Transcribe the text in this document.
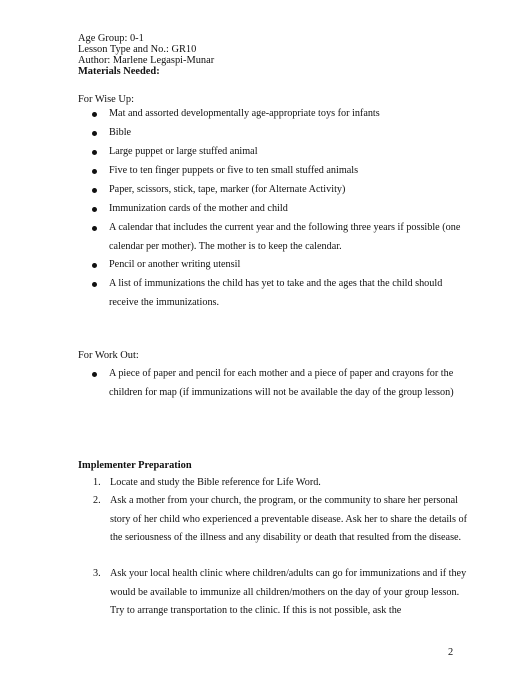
Age Group: 0-1
Lesson Type and No.: GR10
Author: Marlene Legaspi-Munar
Materials Needed:
For Wise Up:
Mat and assorted developmentally age-appropriate toys for infants
Bible
Large puppet or large stuffed animal
Five to ten finger puppets or five to ten small stuffed animals
Paper, scissors, stick, tape, marker (for Alternate Activity)
Immunization cards of the mother and child
A calendar that includes the current year and the following three years if possible (one calendar per mother). The mother is to keep the calendar.
Pencil or another writing utensil
A list of immunizations the child has yet to take and the ages that the child should receive the immunizations.
For Work Out:
A piece of paper and pencil for each mother and a piece of paper and crayons for the children for map (if immunizations will not be available the day of the group lesson)
Implementer Preparation
1. Locate and study the Bible reference for Life Word.
2. Ask a mother from your church, the program, or the community to share her personal story of her child who experienced a preventable disease. Ask her to share the details of the seriousness of the illness and any disability or death that resulted from the disease.
3. Ask your local health clinic where children/adults can go for immunizations and if they would be available to immunize all children/mothers on the day of your group lesson. Try to arrange transportation to the clinic. If this is not possible, ask the
2
